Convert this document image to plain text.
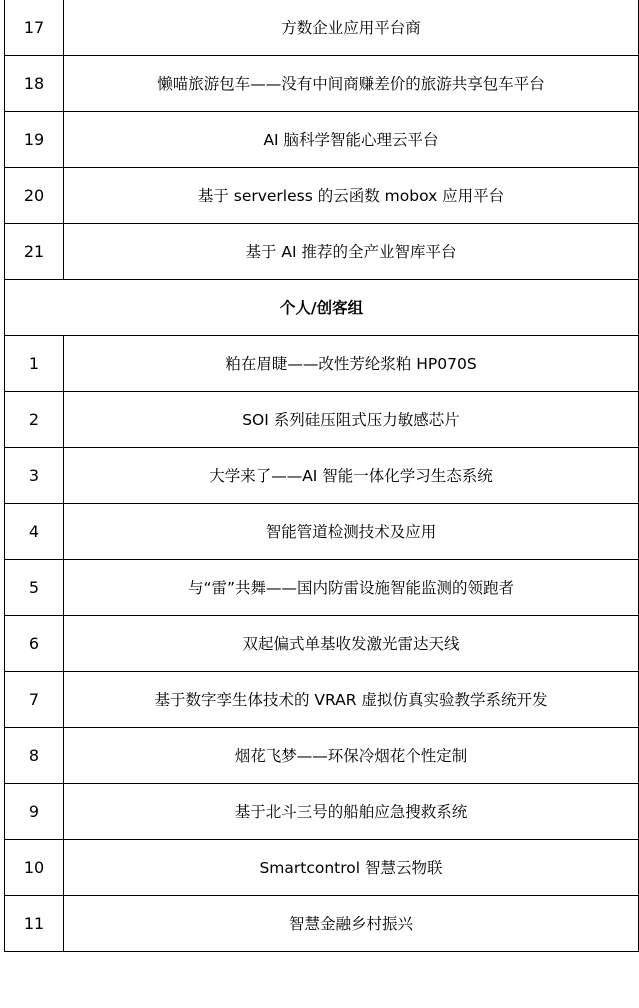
17	方数企业应用平台商
18	懒喵旅游包车——没有中间商赚差价的旅游共享包车平台
19	AI 脑科学智能心理云平台
20	基于 serverless 的云函数 mobox 应用平台
21	基于 AI 推荐的全产业智库平台
个人/创客组	
1	粕在眉睫——改性芳纶浆粕 HP070S
2	SOI 系列硅压阻式压力敏感芯片
3	大学来了——AI 智能一体化学习生态系统
4	智能管道检测技术及应用
5	与“雷”共舞——国内防雷设施智能监测的领跑者
6	双起偏式单基收发激光雷达天线
7	基于数字孪生体技术的 VRAR 虚拟仿真实验教学系统开发
8	烟花飞梦——环保冷烟花个性定制
9	基于北斗三号的船舶应急搜救系统
10	Smartcontrol 智慧云物联
11	智慧金融乡村振兴
